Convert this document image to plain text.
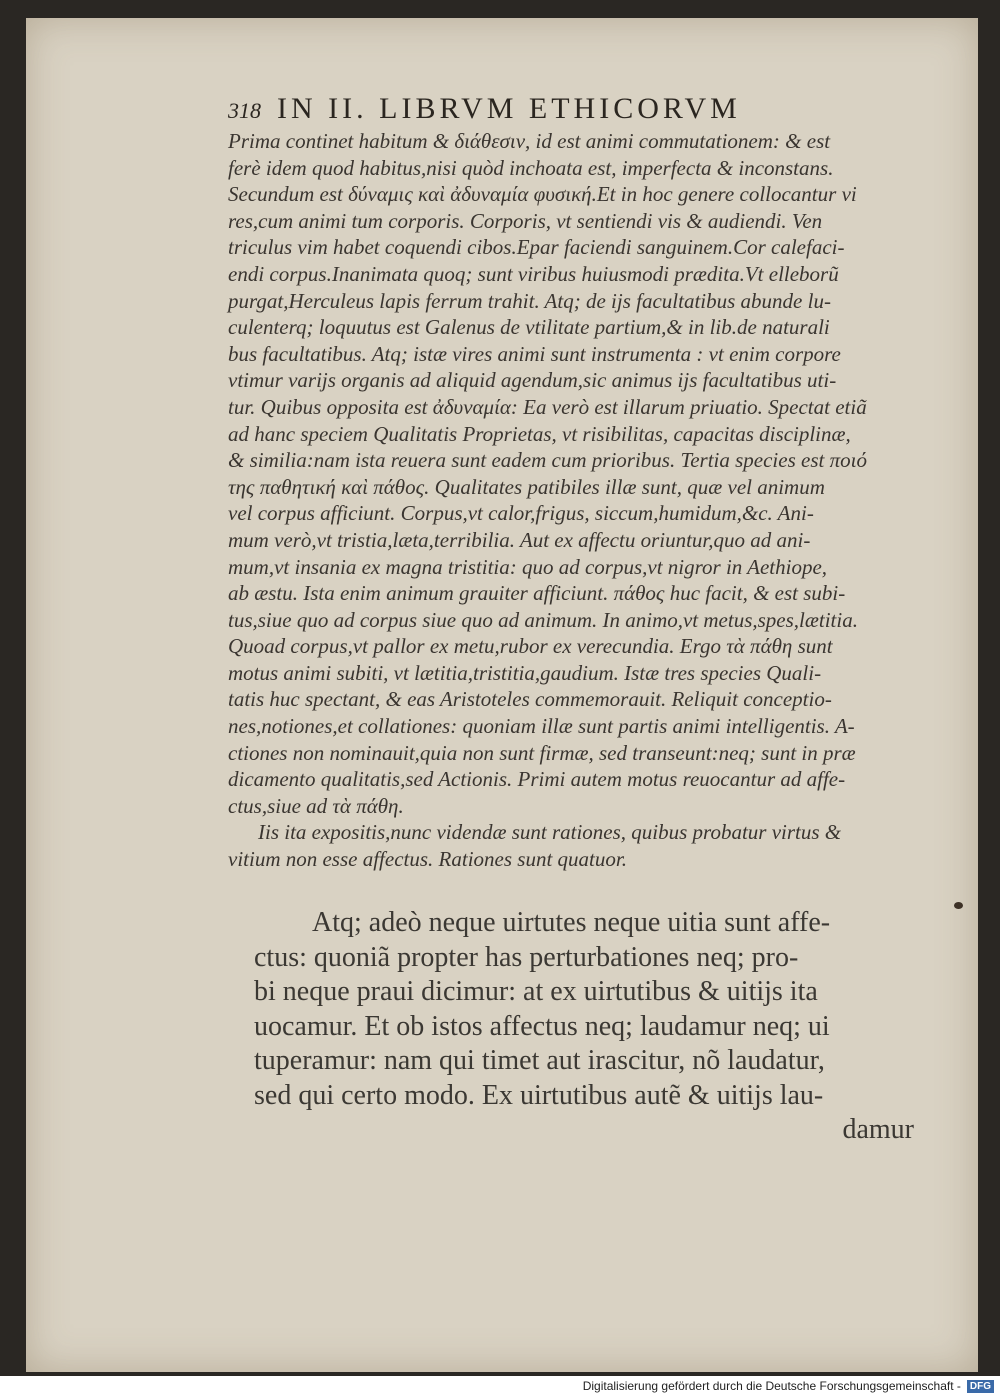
318 IN II. LIBRVM ETHICORVM
Prima continet habitum & διάθεσιν, id est animi commutationem: & est
ferè idem quod habitus,nisi quòd inchoata est, imperfecta & inconstans.
Secundum est δύναμις καὶ ἀδυναμία φυσική.Et in hoc genere collocantur vi
res,cum animi tum corporis. Corporis, vt sentiendi vis & audiendi. Ven
triculus vim habet coquendi cibos.Epar faciendi sanguinem.Cor calefaci-
endi corpus.Inanimata quoq; sunt viribus huiusmodi prædita.Vt elleborũ
purgat,Herculeus lapis ferrum trahit. Atq; de ijs facultatibus abunde lu-
culenterq; loquutus est Galenus de vtilitate partium,& in lib.de naturali
bus facultatibus. Atq; istæ vires animi sunt instrumenta : vt enim corpore
vtimur varijs organis ad aliquid agendum,sic animus ijs facultatibus uti-
tur. Quibus opposita est ἀδυναμία: Ea verò est illarum priuatio. Spectat etiã
ad hanc speciem Qualitatis Proprietas, vt risibilitas, capacitas disciplinæ,
& similia:nam ista reuera sunt eadem cum prioribus. Tertia species est ποιό
της παθητική καὶ πάθος. Qualitates patibiles illæ sunt, quæ vel animum
vel corpus afficiunt. Corpus,vt calor,frigus, siccum,humidum,&c. Ani-
mum verò,vt tristia,læta,terribilia. Aut ex affectu oriuntur,quo ad ani-
mum,vt insania ex magna tristitia: quo ad corpus,vt nigror in Aethiope,
ab æstu. Ista enim animum grauiter afficiunt. πάθος huc facit, & est subi-
tus,siue quo ad corpus siue quo ad animum. In animo,vt metus,spes,lætitia.
Quoad corpus,vt pallor ex metu,rubor ex verecundia. Ergo τὰ πάθη sunt
motus animi subiti, vt lætitia,tristitia,gaudium. Istæ tres species Quali-
tatis huc spectant, & eas Aristoteles commemorauit. Reliquit conceptio-
nes,notiones,et collationes: quoniam illæ sunt partis animi intelligentis. A-
ctiones non nominauit,quia non sunt firmæ, sed transeunt:neq; sunt in præ
dicamento qualitatis,sed Actionis. Primi autem motus reuocantur ad affe-
ctus,siue ad τὰ πάθη.
Iis ita expositis,nunc videndæ sunt rationes, quibus probatur virtus &
vitium non esse affectus. Rationes sunt quatuor.
Atq; adeò neque uirtutes neque uitia sunt affe-
ctus: quoniã propter has perturbationes neq; pro-
bi neque praui dicimur: at ex uirtutibus & uitijs ita
uocamur. Et ob istos affectus neq; laudamur neq; ui
tuperamur: nam qui timet aut irascitur, nõ laudatur,
sed qui certo modo. Ex uirtutibus autẽ & uitijs lau-
damur
Digitalisierung gefördert durch die Deutsche Forschungsgemeinschaft - DFG
